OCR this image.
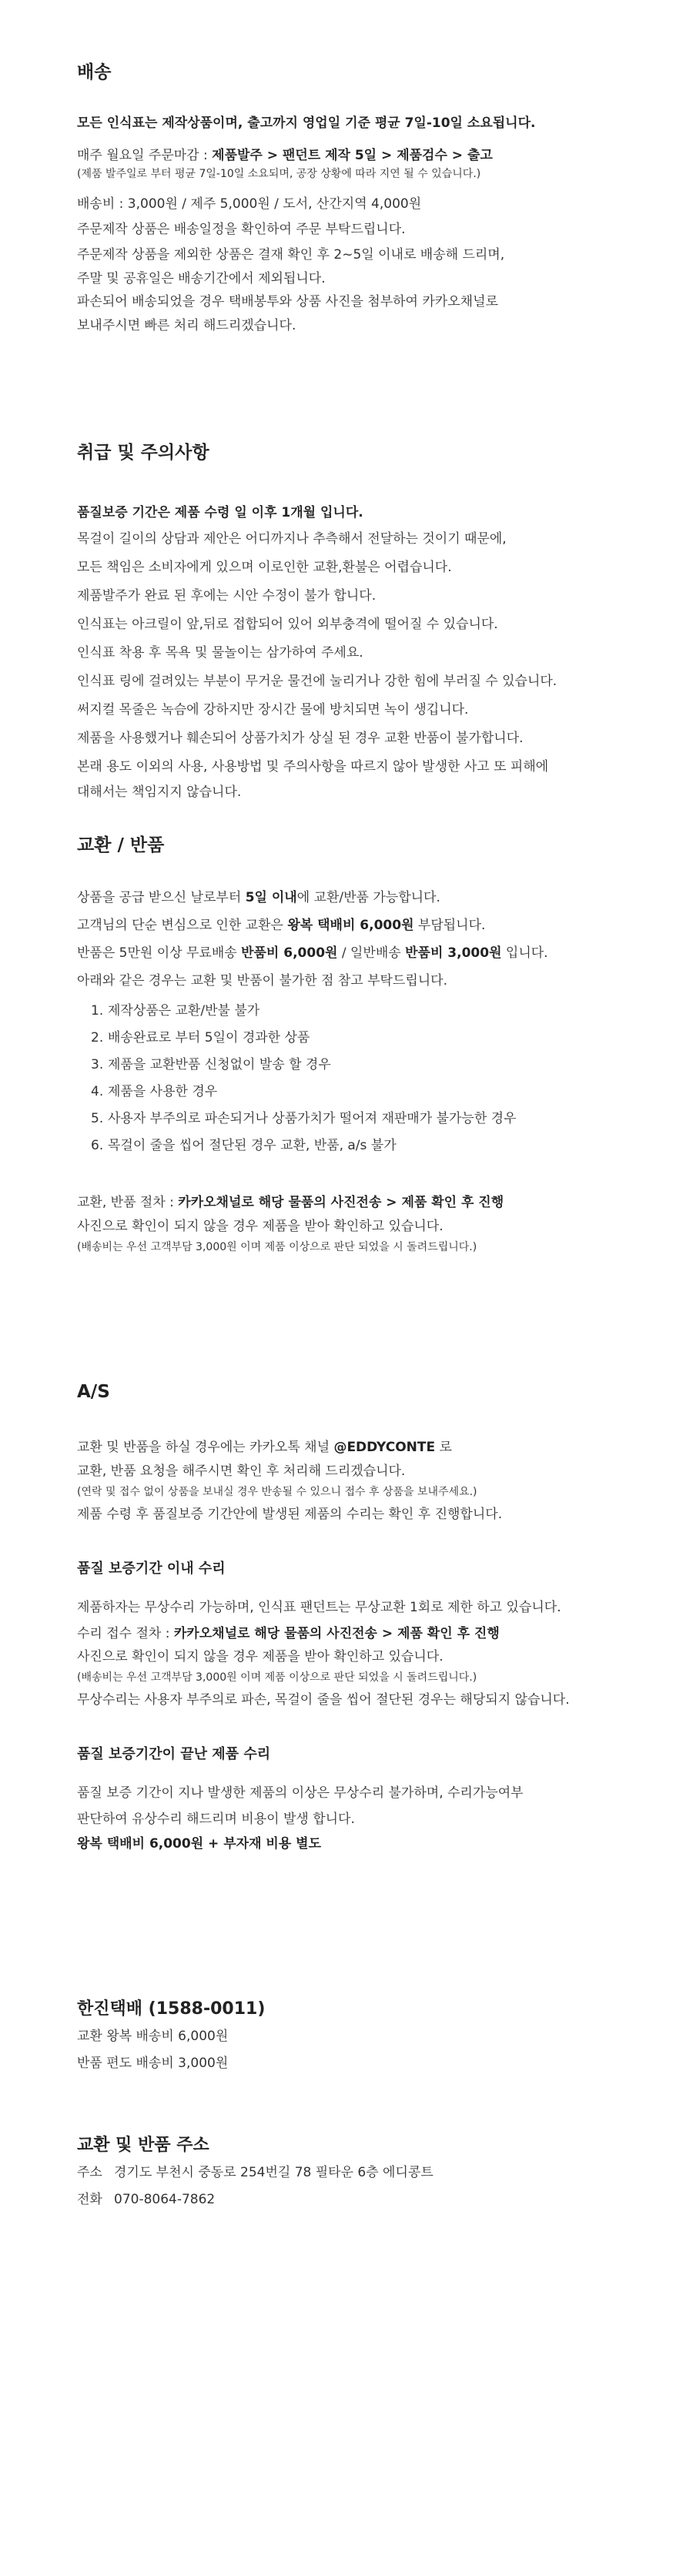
배송

모든 인식표는 제작상품이며, 출고까지 영업일 기준 평균 7일-10일 소요됩니다.

매주 월요일 주문마감 : 제품발주 > 팬던트 제작 5일 > 제품검수 > 출고

(제품 발주일로 부터 평균 7일-10일 소요되며, 공장 상황에 따라 지연 될 수 있습니다.)

배송비 : 3,000원 / 제주 5,000원 / 도서, 산간지역 4,000원

주문제작 상품은 배송일정을 확인하여 주문 부탁드립니다.

주문제작 상품을 제외한 상품은 결재 확인 후 2~5일 이내로 배송해 드리며,

주말 및 공휴일은 배송기간에서 제외됩니다.

파손되어 배송되었을 경우 택배봉투와 상품 사진을 첨부하여 카카오채널로

보내주시면 빠른 처리 해드리겠습니다.

취급 및 주의사항

품질보증 기간은 제품 수령 일 이후 1개월 입니다.

목걸이 길이의 상담과 제안은 어디까지나 추측해서 전달하는 것이기 때문에,

모든 책임은 소비자에게 있으며 이로인한 교환,환불은 어렵습니다.

제품발주가 완료 된 후에는 시안 수정이 불가 합니다.

인식표는 아크릴이 앞,뒤로 접합되어 있어 외부충격에 떨어질 수 있습니다.

인식표 착용 후 목욕 및 물놀이는 삼가하여 주세요.

인식표 링에 걸려있는 부분이 무거운 물건에 눌리거나 강한 힘에 부러질 수 있습니다.

써지컬 목줄은 녹슴에 강하지만 장시간 물에 방치되면 녹이 생깁니다.

제품을 사용했거나 훼손되어 상품가치가 상실 된 경우 교환 반품이 불가합니다.

본래 용도 이외의 사용, 사용방법 및 주의사항을 따르지 않아 발생한 사고 또 피해에

대해서는 책임지지 않습니다.

교환 / 반품

상품을 공급 받으신 날로부터 5일 이내에 교환/반품 가능합니다.

고객님의 단순 변심으로 인한 교환은 왕복 택배비 6,000원 부담됩니다.

반품은 5만원 이상 무료배송 반품비 6,000원 / 일반배송 반품비 3,000원 입니다.

아래와 같은 경우는 교환 및 반품이 불가한 점 참고 부탁드립니다.

1. 제작상품은 교환/반불 불가
2. 배송완료로 부터 5일이 경과한 상품
3. 제품을 교환반품 신청없이 발송 할 경우
4. 제품을 사용한 경우
5. 사용자 부주의로 파손되거나 상품가치가 떨어져 재판매가 불가능한 경우
6. 목걸이 줄을 씹어 절단된 경우 교환, 반품, a/s 불가

교환, 반품 절차 : 카카오채널로 해당 물품의 사진전송 > 제품 확인 후 진행

사진으로 확인이 되지 않을 경우 제품을 받아 확인하고 있습니다.

(배송비는 우선 고객부담 3,000원 이며 제품 이상으로 판단 되었을 시 돌려드립니다.)

A/S

교환 및 반품을 하실 경우에는 카카오톡 채널 @EDDYCONTE 로

교환, 반품 요청을 해주시면 확인 후 처리해 드리겠습니다.

(연락 및 접수 없이 상품을 보내실 경우 반송될 수 있으니 접수 후 상품을 보내주세요.)

제품 수령 후 품질보증 기간안에 발생된 제품의 수리는 확인 후 진행합니다.

품질 보증기간 이내 수리

제품하자는 무상수리 가능하며, 인식표 팬던트는 무상교환 1회로 제한 하고 있습니다.

수리 접수 절차 : 카카오채널로 해당 물품의 사진전송 > 제품 확인 후 진행

사진으로 확인이 되지 않을 경우 제품을 받아 확인하고 있습니다.

(배송비는 우선 고객부담 3,000원 이며 제품 이상으로 판단 되었을 시 돌려드립니다.)

무상수리는 사용자 부주의로 파손, 목걸이 줄을 씹어 절단된 경우는 해당되지 않습니다.

품질 보증기간이 끝난 제품 수리

품질 보증 기간이 지나 발생한 제품의 이상은 무상수리 불가하며, 수리가능여부

판단하여 유상수리 해드리며 비용이 발생 합니다.

왕복 택배비 6,000원 + 부자재 비용 별도

한진택배 (1588-0011)

교환 왕복 배송비 6,000원

반품 편도 배송비 3,000원

교환 및 반품 주소

주소 경기도 부천시 중동로 254번길 78 필타운 6층 에디콩트

전화 070-8064-7862
